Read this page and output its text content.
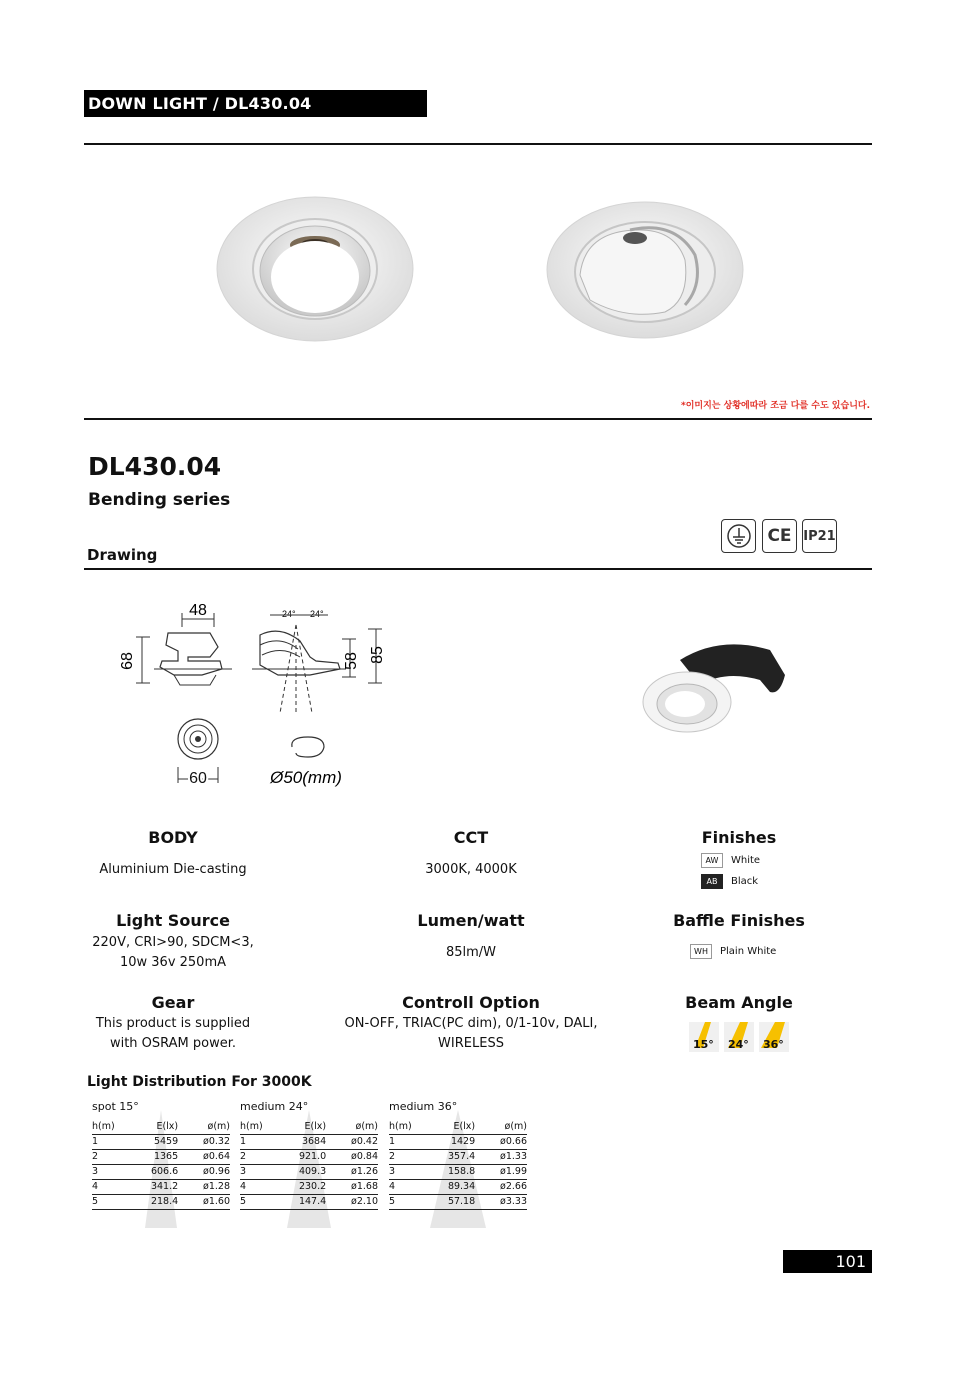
DOWN LIGHT / DL430.04
*이미지는 상황에따라 조금 다를 수도 있습니다.
DL430.04
Bending series
CE IP21
Drawing
48
68
24° 24°
58 85
60	Ø50(mm)
BODY
Aluminium Die-casting
CCT
3000K, 4000K
Finishes
AW	White
AB	Black
Light Source
220V, CRI>90, SDCM<3,
10w 36v 250mA
Lumen/watt
85lm/W
Baffle Finishes
WH	Plain White
Gear
This product is supplied
with OSRAM power.
Controll Option
ON-OFF, TRIAC(PC dim), 0/1-10v, DALI,
WIRELESS
Beam Angle
15° 24° 36°
Light Distribution For 3000K
spot 15°
h(m)	E(lx)	ø(m)
1	5459	ø0.32
2	1365	ø0.64
3	606.6	ø0.96
4	341.2	ø1.28
5	218.4	ø1.60
medium 24°
h(m)	E(lx)	ø(m)
1	3684	ø0.42
2	921.0	ø0.84
3	409.3	ø1.26
4	230.2	ø1.68
5	147.4	ø2.10
medium 36°
h(m)	E(lx)	ø(m)
1	1429	ø0.66
2	357.4	ø1.33
3	158.8	ø1.99
4	89.34	ø2.66
5	57.18	ø3.33
101
